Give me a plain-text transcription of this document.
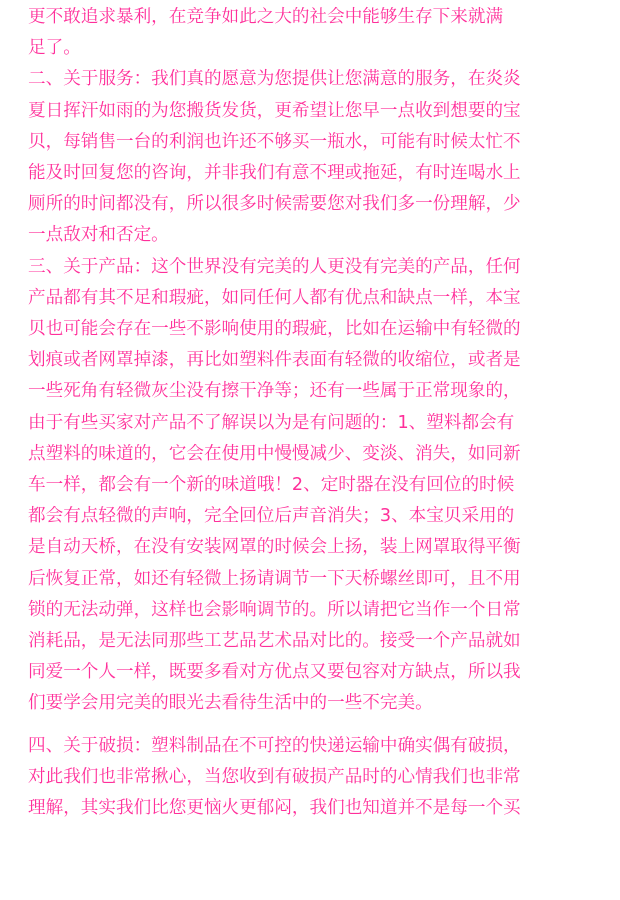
更不敢追求暴利，在竞争如此之大的社会中能够生存下来就满
足了。
二、关于服务：我们真的愿意为您提供让您满意的服务，在炎炎
夏日挥汗如雨的为您搬货发货，更希望让您早一点收到想要的宝
贝，每销售一台的利润也许还不够买一瓶水，可能有时候太忙不
能及时回复您的咨询，并非我们有意不理或拖延，有时连喝水上
厕所的时间都没有，所以很多时候需要您对我们多一份理解，少
一点敌对和否定。
三、关于产品：这个世界没有完美的人更没有完美的产品，任何
产品都有其不足和瑕疵，如同任何人都有优点和缺点一样，本宝
贝也可能会存在一些不影响使用的瑕疵，比如在运输中有轻微的
划痕或者网罩掉漆，再比如塑料件表面有轻微的收缩位，或者是
一些死角有轻微灰尘没有擦干净等；还有一些属于正常现象的，
由于有些买家对产品不了解误以为是有问题的：1、塑料都会有
点塑料的味道的，它会在使用中慢慢减少、变淡、消失，如同新
车一样，都会有一个新的味道哦！2、定时器在没有回位的时候
都会有点轻微的声响，完全回位后声音消失；3、本宝贝采用的
是自动天桥，在没有安装网罩的时候会上扬，装上网罩取得平衡
后恢复正常，如还有轻微上扬请调节一下天桥螺丝即可，且不用
锁的无法动弹，这样也会影响调节的。所以请把它当作一个日常
消耗品，是无法同那些工艺品艺术品对比的。接受一个产品就如
同爱一个人一样，既要多看对方优点又要包容对方缺点，所以我
们要学会用完美的眼光去看待生活中的一些不完美。
四、关于破损：塑料制品在不可控的快递运输中确实偶有破损，
对此我们也非常揪心，当您收到有破损产品时的心情我们也非常
理解，其实我们比您更恼火更郁闷，我们也知道并不是每一个买
